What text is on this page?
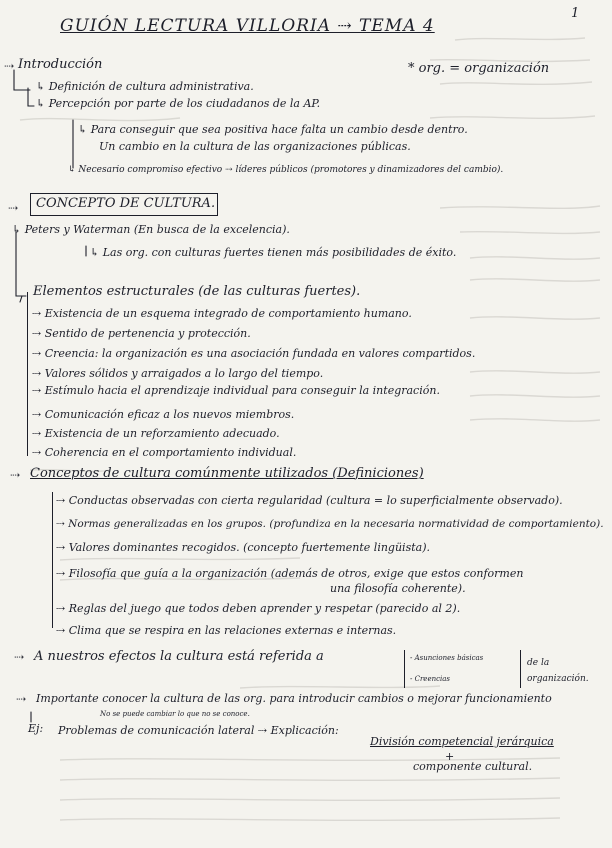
1
GUIÓN LECTURA VILLORIA ⇢ TEMA 4
* org. = organización
⇢ Introducción
↳ Definición de cultura administrativa.
↳ Percepción por parte de los ciudadanos de la AP.
↳ Para conseguir que sea positiva hace falta un cambio desde dentro.
Un cambio en la cultura de las organizaciones públicas.
↳ Necesario compromiso efectivo ⇢ líderes públicos (promotores y dinamizadores del cambio).
⇢ CONCEPTO DE CULTURA.
↳ Peters y Waterman (En busca de la excelencia).
↳ Las org. con culturas fuertes tienen más posibilidades de éxito.
Elementos estructurales (de las culturas fuertes).
⇢ Existencia de un esquema integrado de comportamiento humano.
⇢ Sentido de pertenencia y protección.
⇢ Creencia: la organización es una asociación fundada en valores compartidos.
⇢ Valores sólidos y arraigados a lo largo del tiempo.
⇢ Estímulo hacia el aprendizaje individual para conseguir la integración.
⇢ Comunicación eficaz a los nuevos miembros.
⇢ Existencia de un reforzamiento adecuado.
⇢ Coherencia en el comportamiento individual.
⇢ Conceptos de cultura comúnmente utilizados (Definiciones)
⇢ Conductas observadas con cierta regularidad (cultura = lo superficialmente observado).
⇢ Normas generalizadas en los grupos. (profundiza en la necesaria normatividad de comportamiento).
⇢ Valores dominantes recogidos. (concepto fuertemente lingüista).
⇢ Filosofía que guía a la organización (además de otros, exige que estos conformen
una filosofía coherente).
⇢ Reglas del juego que todos deben aprender y respetar (parecido al 2).
⇢ Clima que se respira en las relaciones externas e internas.
⇢ A nuestros efectos la cultura está referida a	- Asunciones básicas
- Creencias
de la
organización.
⇢ Importante conocer la cultura de las org. para introducir cambios o mejorar funcionamiento
No se puede cambiar lo que no se conoce.
Ej: Problemas de comunicación lateral ⇢ Explicación:
División competencial jerárquica
+
componente cultural.
